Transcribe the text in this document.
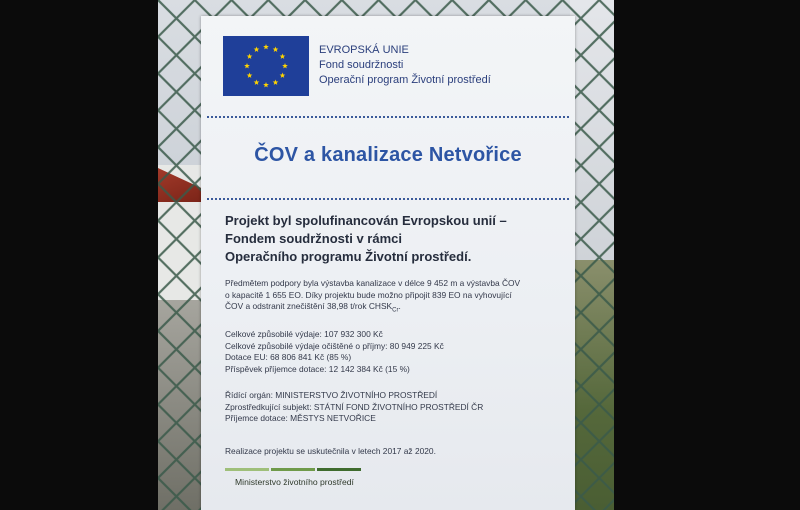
EVROPSKÁ UNIE
Fond soudržnosti
Operační program Životní prostředí
ČOV a kanalizace Netvořice
Projekt byl spolufinancován Evropskou unií –
Fondem soudržnosti v rámci
Operačního programu Životní prostředí.
Předmětem podpory byla výstavba kanalizace v délce 9 452 m a výstavba ČOV
o kapacitě 1 655 EO. Díky projektu bude možno připojit 839 EO na vyhovující
ČOV a odstranit znečištění 38,98 t/rok $CHSK_{Cr}$.
Celkové způsobilé výdaje: 107 932 300 Kč
Celkové způsobilé výdaje očištěné o příjmy: 80 949 225 Kč
Dotace EU: 68 806 841 Kč (85 %)
Příspěvek příjemce dotace: 12 142 384 Kč (15 %)
Řídící orgán: MINISTERSTVO ŽIVOTNÍHO PROSTŘEDÍ
Zprostředkující subjekt: STÁTNÍ FOND ŽIVOTNÍHO PROSTŘEDÍ ČR
Příjemce dotace: MĚSTYS NETVOŘICE
Realizace projektu se uskutečnila v letech 2017 až 2020.
Ministerstvo životního prostředí
